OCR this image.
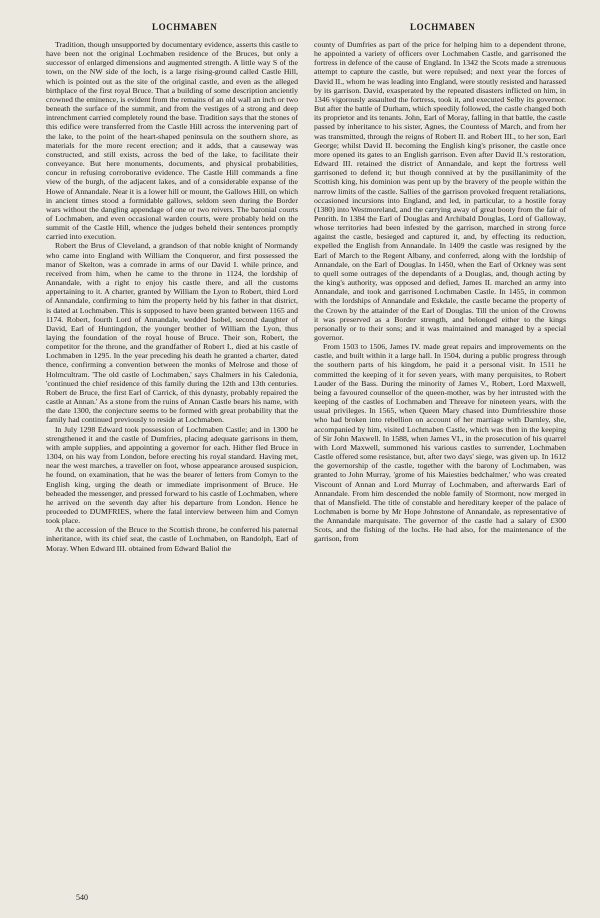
LOCHMABEN	LOCHMABEN

Tradition, though unsupported by documentary evidence, asserts this castle to have been not the original Lochmaben residence of the Bruces, but only a successor of enlarged dimensions and augmented strength. A little way S of the town, on the NW side of the loch, is a large rising-ground called Castle Hill, which is pointed out as the site of the original castle, and even as the alleged birthplace of the first royal Bruce. That a building of some description anciently crowned the eminence, is evident from the remains of an old wall an inch or two beneath the surface of the summit, and from the vestiges of a strong and deep intrenchment carried completely round the base. Tradition says that the stones of this edifice were transferred from the Castle Hill across the intervening part of the lake, to the point of the heart-shaped peninsula on the southern shore, as materials for the more recent erection; and it adds, that a causeway was constructed, and still exists, across the bed of the lake, to facilitate their conveyance. But here monuments, documents, and physical probabilities, concur in refusing corroborative evidence. The Castle Hill commands a fine view of the burgh, of the adjacent lakes, and of a considerable expanse of the Howe of Annandale. Near it is a lower hill or mount, the Gallows Hill, on which in ancient times stood a formidable gallows, seldom seen during the Border wars without the dangling appendage of one or two reivers. The baronial courts of Lochmaben, and even occasional warden courts, were probably held on the summit of the Castle Hill, whence the judges beheld their sentences promptly carried into execution.

Robert the Brus of Cleveland, a grandson of that noble knight of Normandy who came into England with William the Conqueror, and first possessed the manor of Skelton, was a comrade in arms of our David I. while prince, and received from him, when he came to the throne in 1124, the lordship of Annandale, with a right to enjoy his castle there, and all the customs appertaining to it. A charter, granted by William the Lyon to Robert, third Lord of Annandale, confirming to him the property held by his father in that district, is dated at Lochmaben. This is supposed to have been granted between 1165 and 1174. Robert, fourth Lord of Annandale, wedded Isobel, second daughter of David, Earl of Huntingdon, the younger brother of William the Lyon, thus laying the foundation of the royal house of Bruce. Their son, Robert, the competitor for the throne, and the grandfather of Robert I., died at his castle of Lochmaben in 1295. In the year preceding his death he granted a charter, dated thence, confirming a convention between the monks of Melrose and those of Holmcultram. 'The old castle of Lochmaben,' says Chalmers in his Caledonia, 'continued the chief residence of this family during the 12th and 13th centuries. Robert de Bruce, the first Earl of Carrick, of this dynasty, probably repaired the castle at Annan.' As a stone from the ruins of Annan Castle bears his name, with the date 1300, the conjecture seems to be formed with great probability that the family had continued previously to reside at Lochmaben.

In July 1298 Edward took possession of Lochmaben Castle; and in 1300 he strengthened it and the castle of Dumfries, placing adequate garrisons in them, with ample supplies, and appointing a governor for each. Hither fled Bruce in 1304, on his way from London, before erecting his royal standard. Having met, near the west marches, a traveller on foot, whose appearance aroused suspicion, he found, on examination, that he was the bearer of letters from Comyn to the English king, urging the death or immediate imprisonment of Bruce. He beheaded the messenger, and pressed forward to his castle of Lochmaben, where he arrived on the seventh day after his departure from London. Hence he proceeded to DUMFRIES, where the fatal interview between him and Comyn took place.

At the accession of the Bruce to the Scottish throne, he conferred his paternal inheritance, with its chief seat, the castle of Lochmaben, on Randolph, Earl of Moray. When Edward III. obtained from Edward Baliol the

county of Dumfries as part of the price for helping him to a dependent throne, he appointed a variety of officers over Lochmaben Castle, and garrisoned the fortress in defence of the cause of England. In 1342 the Scots made a strenuous attempt to capture the castle, but were repulsed; and next year the forces of David II., whom he was leading into England, were stoutly resisted and harassed by its garrison. David, exasperated by the repeated disasters inflicted on him, in 1346 vigorously assaulted the fortress, took it, and executed Selby its governor. But after the battle of Durham, which speedily followed, the castle changed both its proprietor and its tenants. John, Earl of Moray, falling in that battle, the castle passed by inheritance to his sister, Agnes, the Countess of March, and from her was transmitted, through the reigns of Robert II. and Robert III., to her son, Earl George; whilst David II. becoming the English king's prisoner, the castle once more opened its gates to an English garrison. Even after David II.'s restoration, Edward III. retained the district of Annandale, and kept the fortress well garrisoned to defend it; but though connived at by the pusillanimity of the Scottish king, his dominion was pent up by the bravery of the people within the narrow limits of the castle. Sallies of the garrison provoked frequent retaliations, occasioned incursions into England, and led, in particular, to a hostile foray (1380) into Westmoreland, and the carrying away of great booty from the fair of Penrith. In 1384 the Earl of Douglas and Archibald Douglas, Lord of Galloway, whose territories had been infested by the garrison, marched in strong force against the castle, besieged and captured it, and, by effecting its reduction, expelled the English from Annandale. In 1409 the castle was resigned by the Earl of March to the Regent Albany, and conferred, along with the lordship of Annandale, on the Earl of Douglas. In 1450, when the Earl of Orkney was sent to quell some outrages of the dependants of a Douglas, and, though acting by the king's authority, was opposed and defied, James II. marched an army into Annandale, and took and garrisoned Lochmaben Castle. In 1455, in common with the lordships of Annandale and Eskdale, the castle became the property of the Crown by the attainder of the Earl of Douglas. Till the union of the Crowns it was preserved as a Border strength, and belonged either to the kings personally or to their sons; and it was maintained and managed by a special governor.

From 1503 to 1506, James IV. made great repairs and improvements on the castle, and built within it a large hall. In 1504, during a public progress through the southern parts of his kingdom, he paid it a personal visit. In 1511 he committed the keeping of it for seven years, with many perquisites, to Robert Lauder of the Bass. During the minority of James V., Robert, Lord Maxwell, being a favoured counsellor of the queen-mother, was by her intrusted with the keeping of the castles of Lochmaben and Threave for nineteen years, with the usual privileges. In 1565, when Queen Mary chased into Dumfriesshire those who had broken into rebellion on account of her marriage with Darnley, she, accompanied by him, visited Lochmaben Castle, which was then in the keeping of Sir John Maxwell. In 1588, when James VI., in the prosecution of his quarrel with Lord Maxwell, summoned his various castles to surrender, Lochmaben Castle offered some resistance, but, after two days' siege, was given up. In 1612 the governorship of the castle, together with the barony of Lochmaben, was granted to John Murray, 'grome of his Maiesties bedchalmer,' who was created Viscount of Annan and Lord Murray of Lochmaben, and afterwards Earl of Annandale. From him descended the noble family of Stormont, now merged in that of Mansfield. The title of constable and hereditary keeper of the palace of Lochmaben is borne by Mr Hope Johnstone of Annandale, as representative of the Annandale marquisate. The governor of the castle had a salary of £300 Scots, and the fishing of the lochs. He had also, for the maintenance of the garrison, from

540
